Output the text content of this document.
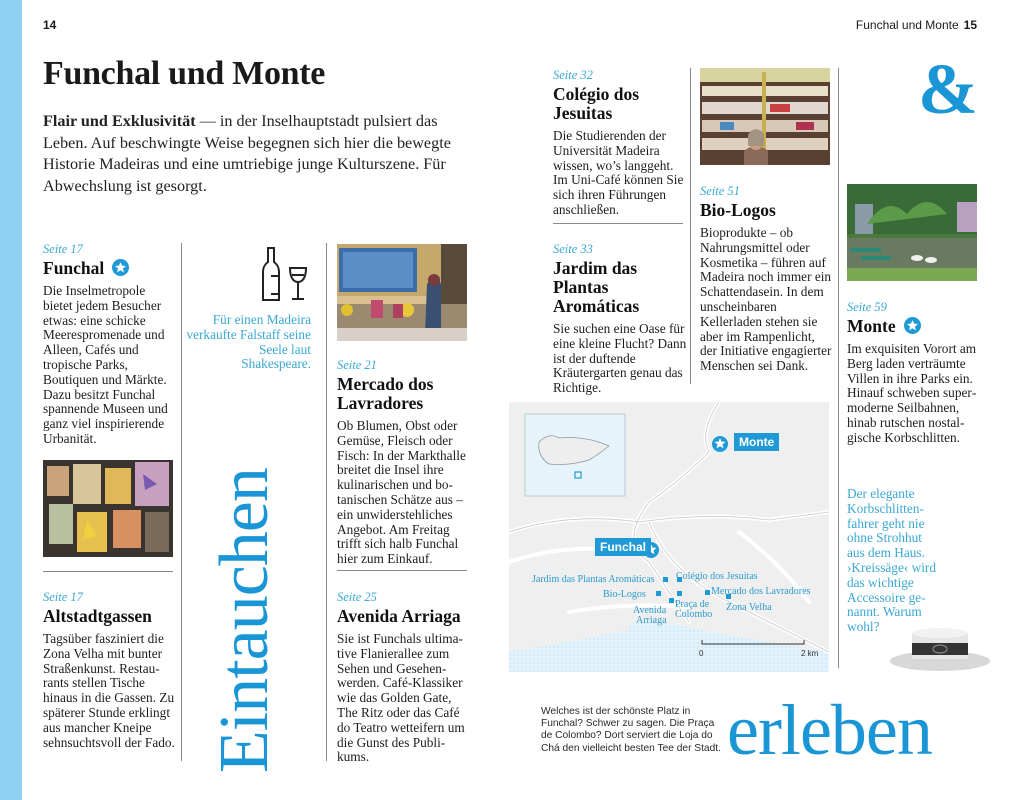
14	Funchal und Monte 15
Funchal und Monte
Flair und Exklusivität — in der Inselhauptstadt pulsiert das Leben. Auf beschwingte Weise begegnen sich hier die bewegte Historie Madeiras und eine umtriebige junge Kulturszene. Für Abwechslung ist gesorgt.
Seite 17
Funchal
Die Inselmetropole bietet jedem Besucher etwas: eine schicke Meerespromenade und Alleen, Cafés und tropische Parks, Boutiquen und Märkte. Dazu besitzt Funchal spannende Museen und ganz viel inspirierende Urbanität.
Seite 17
Altstadtgassen
Tagsüber fasziniert die Zona Velha mit bunter Straßenkunst. Restaurants stellen Tische hinaus in die Gassen. Zu späterer Stunde erklingt aus mancher Kneipe sehnsuchtsvoll der Fado.
Für einen Madeira verkaufte Falstaff seine Seele laut Shakespeare.
Eintauchen
Seite 21
Mercado dos Lavradores
Ob Blumen, Obst oder Gemüse, Fleisch oder Fisch: In der Markthalle breitet die Insel ihre kulinarischen und botanischen Schätze aus – ein unwiderstehliches Angebot. Am Freitag trifft sich halb Funchal hier zum Einkauf.
Seite 25
Avenida Arriaga
Sie ist Funchals ultimative Flanierallee zum Sehen und Gesehenwerden. Café-Klassiker wie das Golden Gate, The Ritz oder das Café do Teatro wetteifern um die Gunst des Publikums.
Seite 32
Colégio dos Jesuitas
Die Studierenden der Universität Madeira wissen, wo’s langgeht. Im Uni-Café können Sie sich ihren Führungen anschließen.
Seite 33
Jardim das Plantas Aromáticas
Sie suchen eine Oase für eine kleine Flucht? Dann ist der duftende Kräutergarten genau das Richtige.
Seite 51
Bio-Logos
Bioprodukte – ob Nahrungsmittel oder Kosmetika – führen auf Madeira noch immer ein Schattendasein. In dem unscheinbaren Kellerladen stehen sie aber im Rampenlicht, der Initiative engagierter Menschen sei Dank.
&
Seite 59
Monte
Im exquisiten Vorort am Berg laden verträumte Villen in ihre Parks ein. Hinauf schweben supermoderne Seilbahnen, hinab rutschen nostalgische Korbschlitten.
Der elegante Korbschlittenfahrer geht nie ohne Strohhut aus dem Haus. ›Kreissäge‹ wird das wichtige Accessoire genannt. Warum wohl?
Monte
Funchal
Jardim das Plantas Aromáticas Colégio dos Jesuitas
Bio-Logos	Mercado dos Lavradores
Avenida
Arriaga
Praça de
Colombo
Zona Velha
0	2 km
Welches ist der schönste Platz in Funchal? Schwer zu sagen. Die Praça de Colombo? Dort serviert die Loja do Chá den vielleicht besten Tee der Stadt. erleben
